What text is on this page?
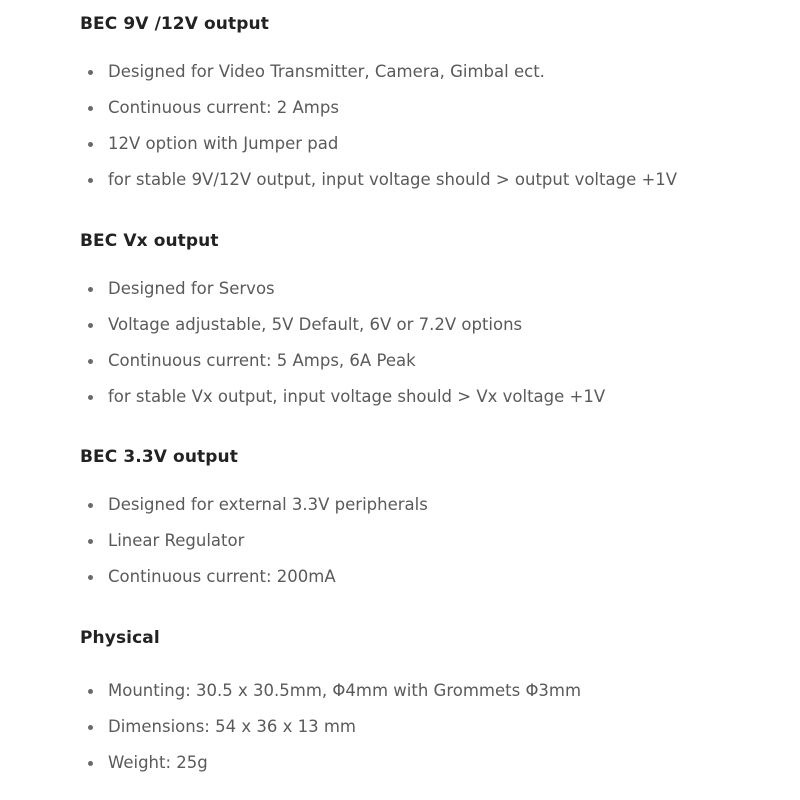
BEC 9V /12V output
Designed for Video Transmitter, Camera, Gimbal ect.
Continuous current: 2 Amps
12V option with Jumper pad
for stable 9V/12V output, input voltage should > output voltage +1V
BEC Vx output
Designed for Servos
Voltage adjustable, 5V Default, 6V or 7.2V options
Continuous current: 5 Amps, 6A Peak
for stable Vx output, input voltage should > Vx voltage +1V
BEC 3.3V output
Designed for external 3.3V peripherals
Linear Regulator
Continuous current: 200mA
Physical
Mounting: 30.5 x 30.5mm, Φ4mm with Grommets Φ3mm
Dimensions: 54 x 36 x 13 mm
Weight: 25g
